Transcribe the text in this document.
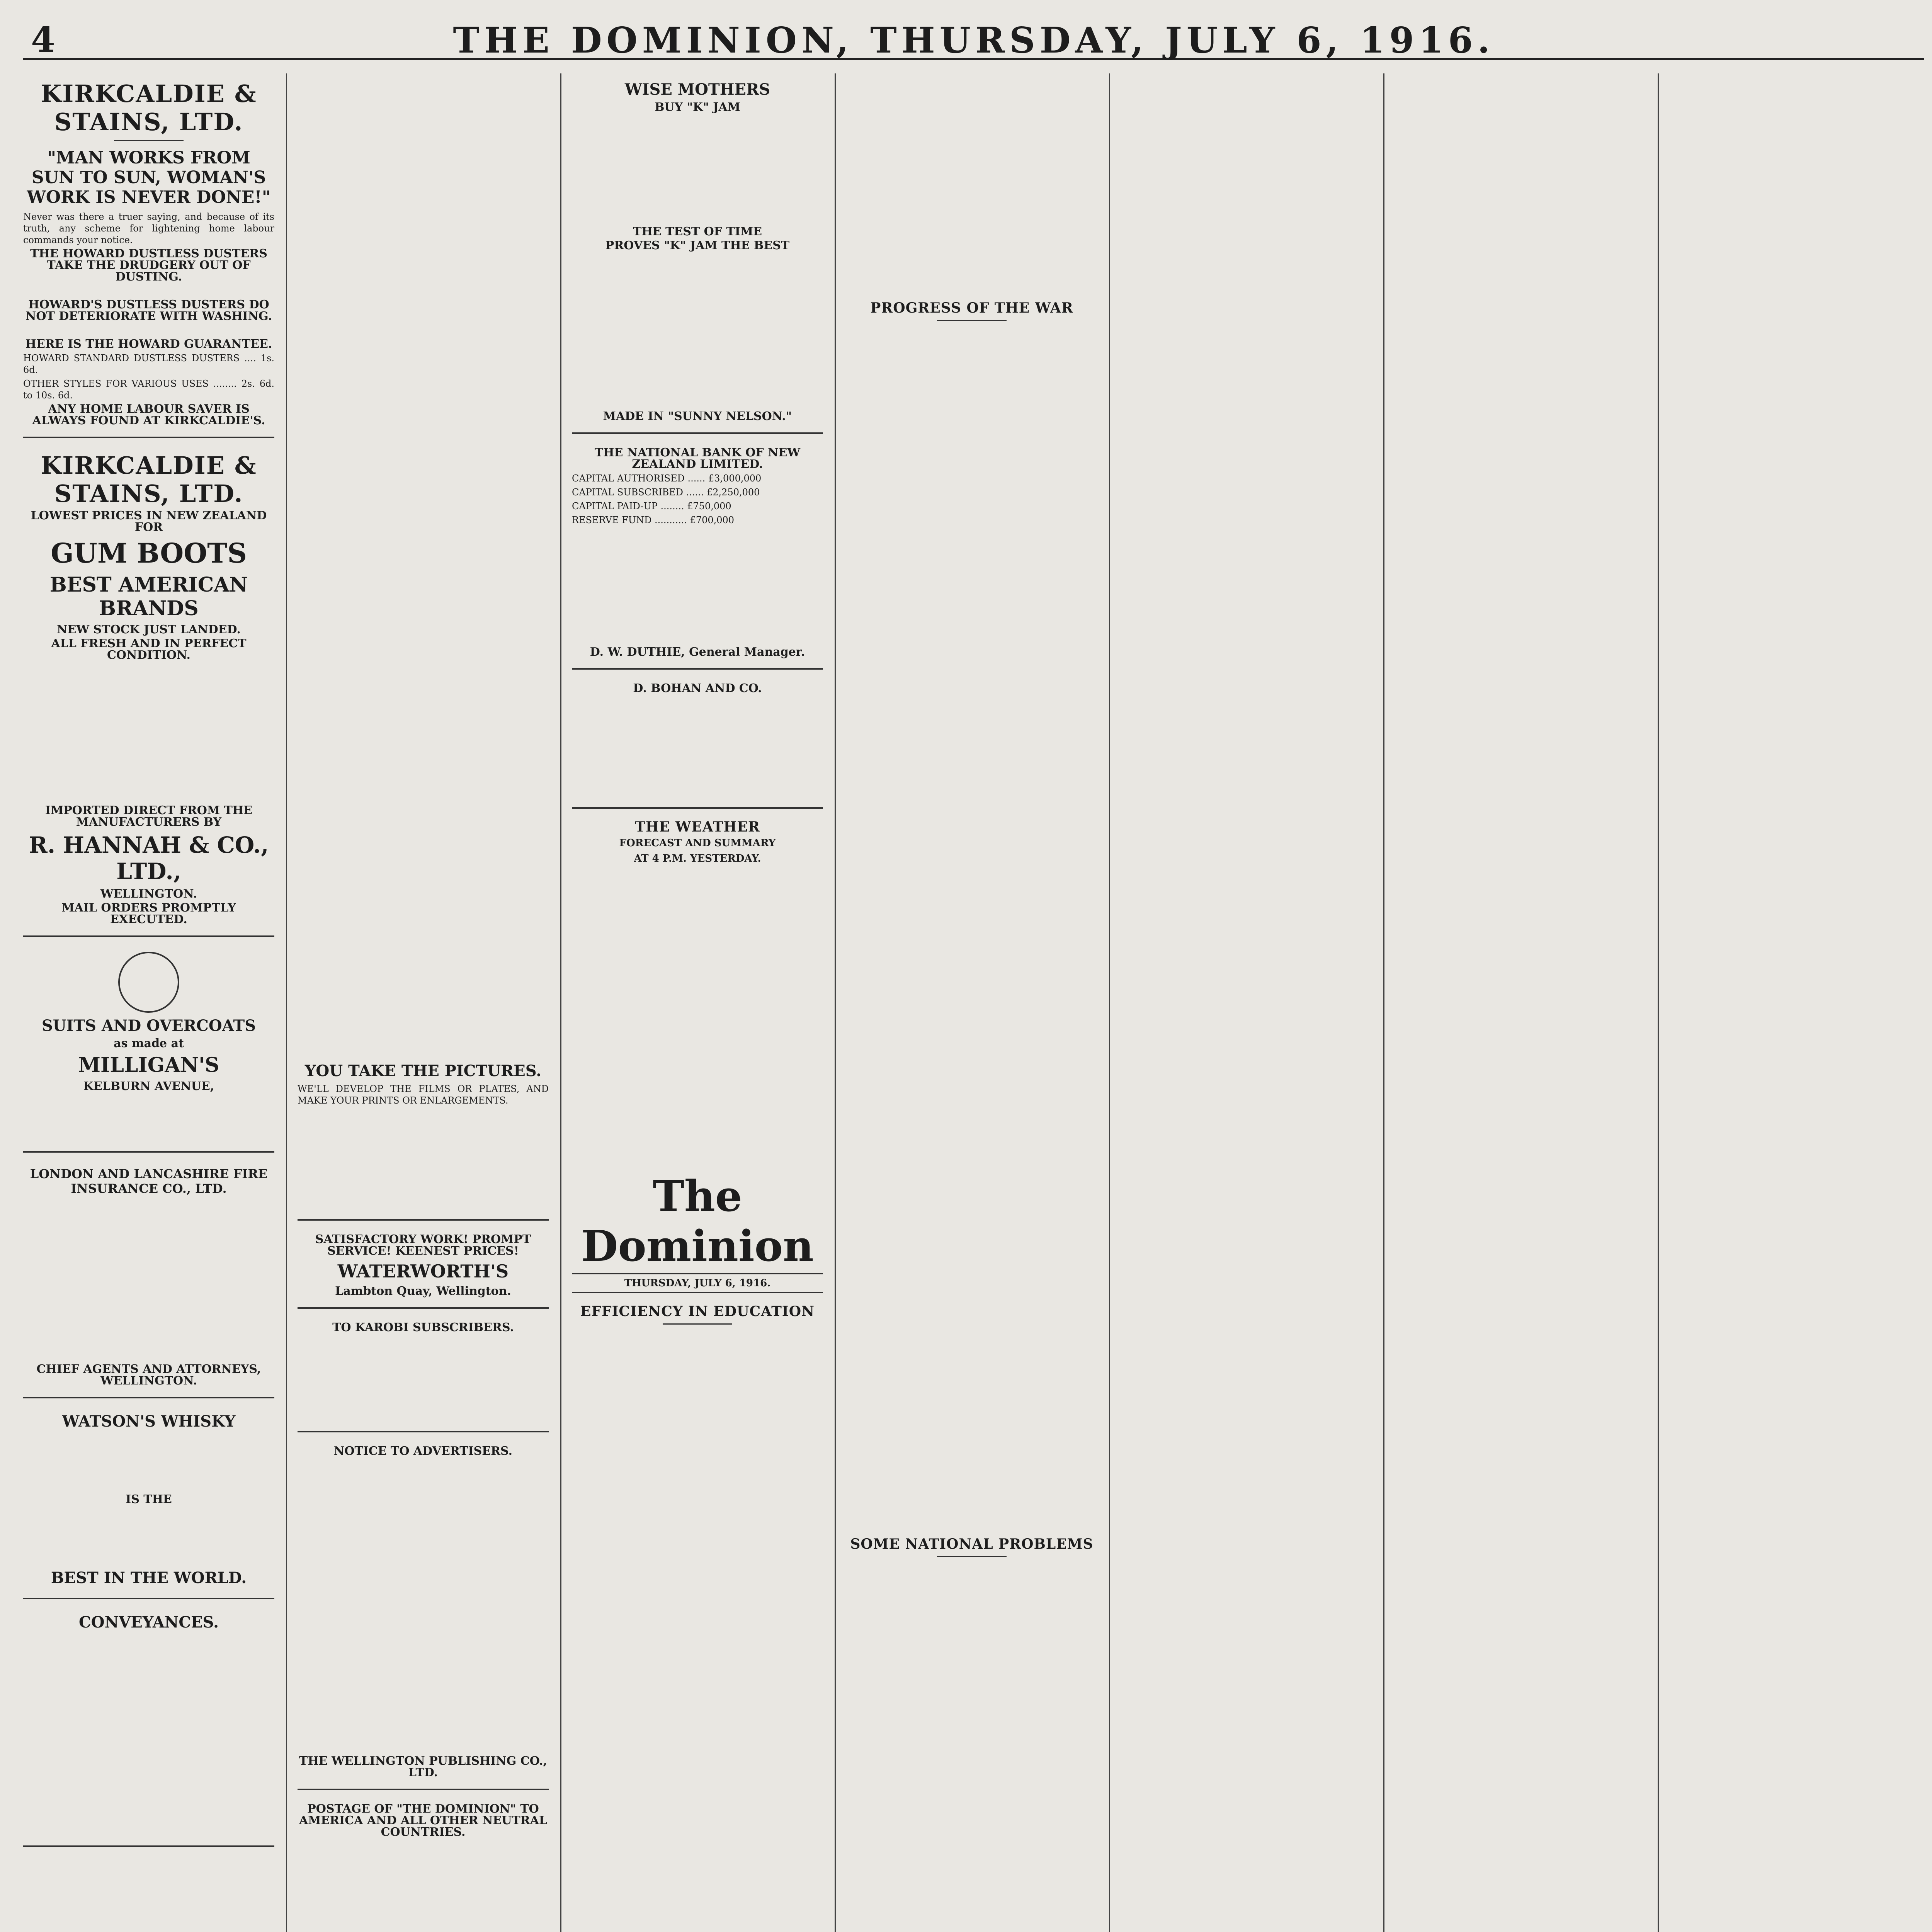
4	THE DOMINION, THURSDAY, JULY 6, 1916.
KIRKCALDIE & STAINS, LTD.
"MAN WORKS FROM SUN TO SUN, WOMAN'S WORK IS NEVER DONE!"

Never was there a truer saying, and because of its truth, any scheme for lightening home labour commands your notice.

THE HOWARD DUSTLESS DUSTERS TAKE THE DRUDGERY OUT OF DUSTING.

HOWARD'S DUSTLESS DUSTERS DO NOT DETERIORATE WITH WASHING.

HERE IS THE HOWARD GUARANTEE.

HOWARD STANDARD DUSTLESS DUSTERS .... 1s. 6d.

OTHER STYLES FOR VARIOUS USES ........ 2s. 6d. to 10s. 6d.

ANY HOME LABOUR SAVER IS ALWAYS FOUND AT KIRKCALDIE'S.

KIRKCALDIE & STAINS, LTD.

LOWEST PRICES IN NEW ZEALAND FOR

GUM BOOTS
BEST AMERICAN BRANDS

NEW STOCK JUST LANDED.

ALL FRESH AND IN PERFECT CONDITION.

IMPORTED DIRECT FROM THE MANUFACTURERS BY

R. HANNAH & CO., LTD.,

WELLINGTON.

MAIL ORDERS PROMPTLY EXECUTED.

SUITS AND OVERCOATS

as made at

MILLIGAN'S

KELBURN AVENUE,

LONDON AND LANCASHIRE FIRE INSURANCE CO., LTD.

CHIEF AGENTS AND ATTORNEYS, WELLINGTON.

WATSON'S WHISKY

IS THE

BEST IN THE WORLD.
CONVEYANCES.

YOU TAKE THE PICTURES.

WE'LL DEVELOP THE FILMS OR PLATES, AND MAKE YOUR PRINTS OR ENLARGEMENTS.

SATISFACTORY WORK! PROMPT SERVICE! KEENEST PRICES!

WATERWORTH'S

Lambton Quay, Wellington.

TO KAROBI SUBSCRIBERS.

NOTICE TO ADVERTISERS.

THE WELLINGTON PUBLISHING CO., LTD.

POSTAGE OF "THE DOMINION" TO AMERICA AND ALL OTHER NEUTRAL COUNTRIES.

WISE MOTHERS

BUY "K" JAM

THE TEST OF TIME

PROVES "K" JAM THE BEST

MADE IN "SUNNY NELSON."

THE NATIONAL BANK OF NEW ZEALAND LIMITED.

CAPITAL AUTHORISED ...... £3,000,000

CAPITAL SUBSCRIBED ...... £2,250,000

CAPITAL PAID-UP ........ £750,000

RESERVE FUND ........... £700,000

D. W. DUTHIE, General Manager.

D. BOHAN AND CO.

THE WEATHER
FORECAST AND SUMMARY
AT 4 P.M. YESTERDAY.

The Dominion
THURSDAY, JULY 6, 1916.
EFFICIENCY IN EDUCATION

PROGRESS OF THE WAR

SOME NATIONAL PROBLEMS
